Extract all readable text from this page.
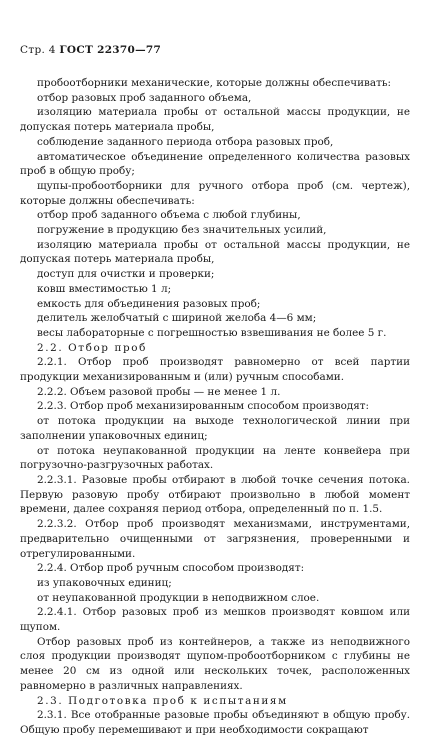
Стр. 4 ГОСТ 22370—77

пробоотборники механические, которые должны обеспечивать:

отбор разовых проб заданного объема,

изоляцию материала пробы от остальной массы продукции, не допуская потерь материала пробы,

соблюдение заданного периода отбора разовых проб,

автоматическое объединение определенного количества разовых проб в общую пробу;

щупы-пробоотборники для ручного отбора проб (см. чертеж), которые должны обеспечивать:

отбор проб заданного объема с любой глубины,

погружение в продукцию без значительных усилий,

изоляцию материала пробы от остальной массы продукции, не допуская потерь материала пробы,

доступ для очистки и проверки;

ковш вместимостью 1 л;

емкость для объединения разовых проб;

делитель желобчатый с шириной желоба 4—6 мм;

весы лабораторные с погрешностью взвешивания не более 5 г.

2.2. Отбор проб

2.2.1. Отбор проб производят равномерно от всей партии продукции механизированным и (или) ручным способами.

2.2.2. Объем разовой пробы — не менее 1 л.

2.2.3. Отбор проб механизированным способом производят:

от потока продукции на выходе технологической линии при заполнении упаковочных единиц;

от потока неупакованной продукции на ленте конвейера при погрузочно-разгрузочных работах.

2.2.3.1. Разовые пробы отбирают в любой точке сечения потока. Первую разовую пробу отбирают произвольно в любой момент времени, далее сохраняя период отбора, определенный по п. 1.5.

2.2.3.2. Отбор проб производят механизмами, инструментами, предварительно очищенными от загрязнения, проверенными и отрегулированными.

2.2.4. Отбор проб ручным способом производят:

из упаковочных единиц;

от неупакованной продукции в неподвижном слое.

2.2.4.1. Отбор разовых проб из мешков производят ковшом или щупом.

Отбор разовых проб из контейнеров, а также из неподвижного слоя продукции производят щупом-пробоотборником с глубины не менее 20 см из одной или нескольких точек, расположенных равномерно в различных направлениях.

2.3. Подготовка проб к испытаниям

2.3.1. Все отобранные разовые пробы объединяют в общую пробу. Общую пробу перемешивают и при необходимости сокращают
